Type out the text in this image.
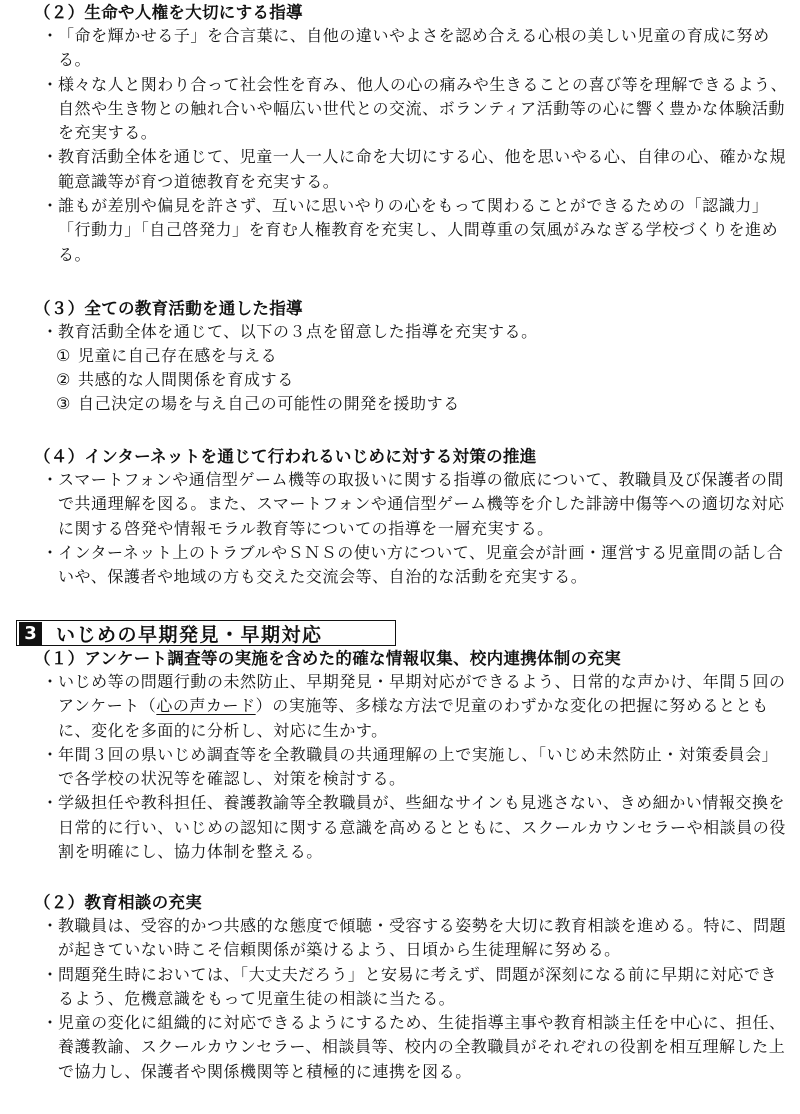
（２）生命や人権を大切にする指導

・ 「命を輝かせる子」を合言葉に、自他の違いやよさを認め合える心根の美しい児童の育成に努める。

・ 様々な人と関わり合って社会性を育み、他人の心の痛みや生きることの喜び等を理解できるよう、自然や生き物との触れ合いや幅広い世代との交流、ボランティア活動等の心に響く豊かな体験活動を充実する。

・ 教育活動全体を通じて、児童一人一人に命を大切にする心、他を思いやる心、自律の心、確かな規範意識等が育つ道徳教育を充実する。

・ 誰もが差別や偏見を許さず、互いに思いやりの心をもって関わることができるための「認識力」「行動力」「自己啓発力」を育む人権教育を充実し、人間尊重の気風がみなぎる学校づくりを進める。

（３）全ての教育活動を通した指導

・ 教育活動全体を通じて、以下の３点を留意した指導を充実する。

① 児童に自己存在感を与える

② 共感的な人間関係を育成する

③ 自己決定の場を与え自己の可能性の開発を援助する

（４）インターネットを通じて行われるいじめに対する対策の推進

・ スマートフォンや通信型ゲーム機等の取扱いに関する指導の徹底について、教職員及び保護者の間で共通理解を図る。また、スマートフォンや通信型ゲーム機等を介した誹謗中傷等への適切な対応に関する啓発や情報モラル教育等についての指導を一層充実する。

・ インターネット上のトラブルやＳＮＳの使い方について、児童会が計画・運営する児童間の話し合いや、保護者や地域の方も交えた交流会等、自治的な活動を充実する。

3 いじめの早期発見・早期対応
（１）アンケート調査等の実施を含めた的確な情報収集、校内連携体制の充実

・ いじめ等の問題行動の未然防止、早期発見・早期対応ができるよう、日常的な声かけ、年間５回のアンケート（心の声カード）の実施等、多様な方法で児童のわずかな変化の把握に努めるとともに、変化を多面的に分析し、対応に生かす。

・ 年間３回の県いじめ調査等を全教職員の共通理解の上で実施し、「いじめ未然防止・対策委員会」で各学校の状況等を確認し、対策を検討する。

・ 学級担任や教科担任、養護教諭等全教職員が、些細なサインも見逃さない、きめ細かい情報交換を日常的に行い、いじめの認知に関する意識を高めるとともに、スクールカウンセラーや相談員の役割を明確にし、協力体制を整える。

（２）教育相談の充実

・ 教職員は、受容的かつ共感的な態度で傾聴・受容する姿勢を大切に教育相談を進める。特に、問題が起きていない時こそ信頼関係が築けるよう、日頃から生徒理解に努める。

・ 問題発生時においては、「大丈夫だろう」と安易に考えず、問題が深刻になる前に早期に対応できるよう、危機意識をもって児童生徒の相談に当たる。

・ 児童の変化に組織的に対応できるようにするため、生徒指導主事や教育相談主任を中心に、担任、養護教諭、スクールカウンセラー、相談員等、校内の全教職員がそれぞれの役割を相互理解した上で協力し、保護者や関係機関等と積極的に連携を図る。
